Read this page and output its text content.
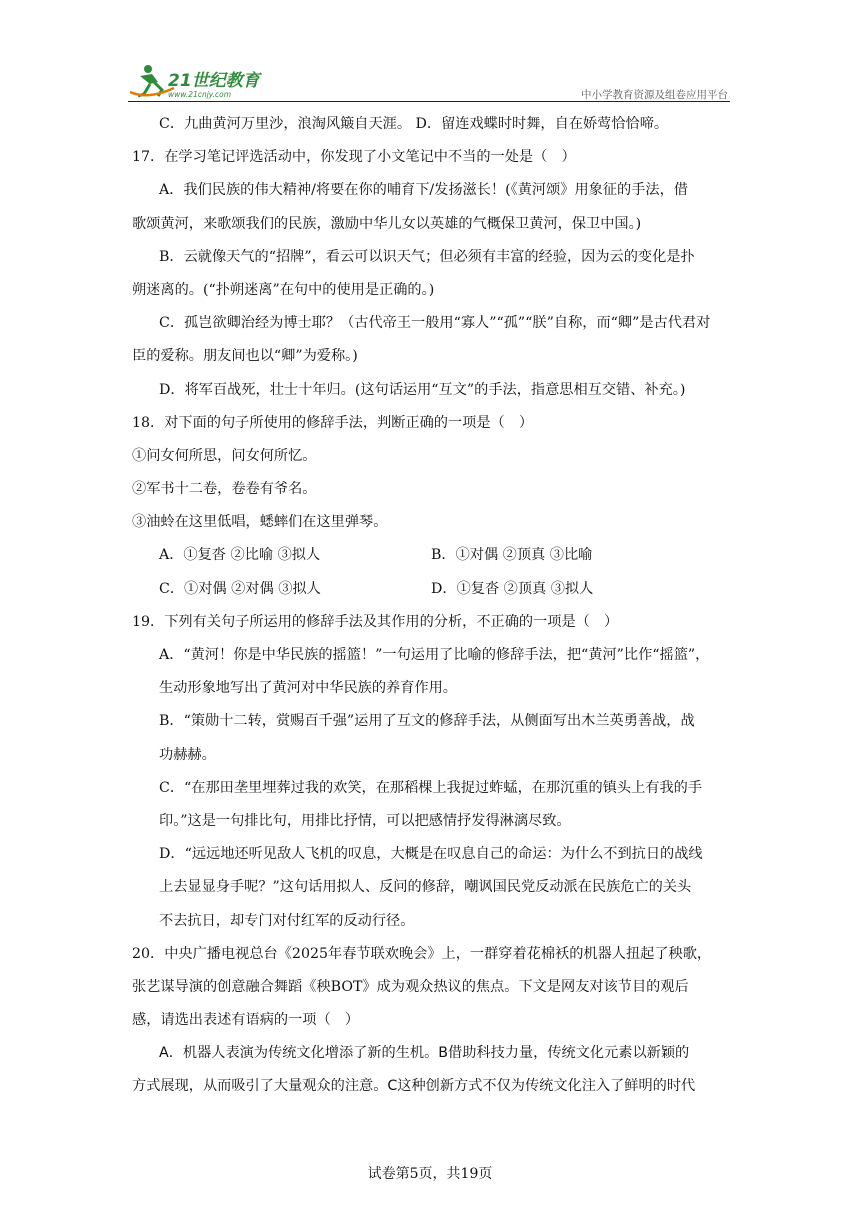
21世纪教育
www.21cnjy.com	中小学教育资源及组卷应用平台
C．九曲黄河万里沙，浪淘风簸自天涯。 D．留连戏蝶时时舞，自在娇莺恰恰啼。
17．在学习笔记评选活动中，你发现了小文笔记中不当的一处是（　）
A．我们民族的伟大精神/将要在你的哺育下/发扬滋长！(《黄河颂》用象征的手法，借
歌颂黄河，来歌颂我们的民族，激励中华儿女以英雄的气概保卫黄河，保卫中国。)
B．云就像天气的“招牌”，看云可以识天气；但必须有丰富的经验，因为云的变化是扑
朔迷离的。(“扑朔迷离”在句中的使用是正确的。)
C．孤岂欲卿治经为博士耶？（古代帝王一般用“寡人”“孤”“朕”自称，而“卿”是古代君对
臣的爱称。朋友间也以“卿”为爱称。)
D．将军百战死，壮士十年归。(这句话运用“互文”的手法，指意思相互交错、补充。)
18．对下面的句子所使用的修辞手法，判断正确的一项是（　）
①问女何所思，问女何所忆。
②军书十二卷，卷卷有爷名。
③油蛉在这里低唱，蟋蟀们在这里弹琴。
A．①复沓 ②比喻 ③拟人	B．①对偶 ②顶真 ③比喻
C．①对偶 ②对偶 ③拟人	D．①复沓 ②顶真 ③拟人
19．下列有关句子所运用的修辞手法及其作用的分析，不正确的一项是（　）
A．“黄河！你是中华民族的摇篮！”一句运用了比喻的修辞手法，把“黄河”比作“摇篮”，
生动形象地写出了黄河对中华民族的养育作用。
B．“策勋十二转，赏赐百千强”运用了互文的修辞手法，从侧面写出木兰英勇善战，战
功赫赫。
C．“在那田垄里埋葬过我的欢笑，在那稻棵上我捉过蚱蜢，在那沉重的镇头上有我的手
印。”这是一句排比句，用排比抒情，可以把感情抒发得淋漓尽致。
D．“远远地还听见敌人飞机的叹息，大概是在叹息自己的命运：为什么不到抗日的战线
上去显显身手呢？”这句话用拟人、反问的修辞，嘲讽国民党反动派在民族危亡的关头
不去抗日，却专门对付红军的反动行径。
20．中央广播电视总台《2025年春节联欢晚会》上，一群穿着花棉袄的机器人扭起了秧歌，
张艺谋导演的创意融合舞蹈《秧BOT》成为观众热议的焦点。下文是网友对该节目的观后
感，请选出表述有语病的一项（　）
A．机器人表演为传统文化增添了新的生机。B借助科技力量，传统文化元素以新颖的
方式展现，从而吸引了大量观众的注意。C这种创新方式不仅为传统文化注入了鲜明的时代
试卷第5页，共19页
